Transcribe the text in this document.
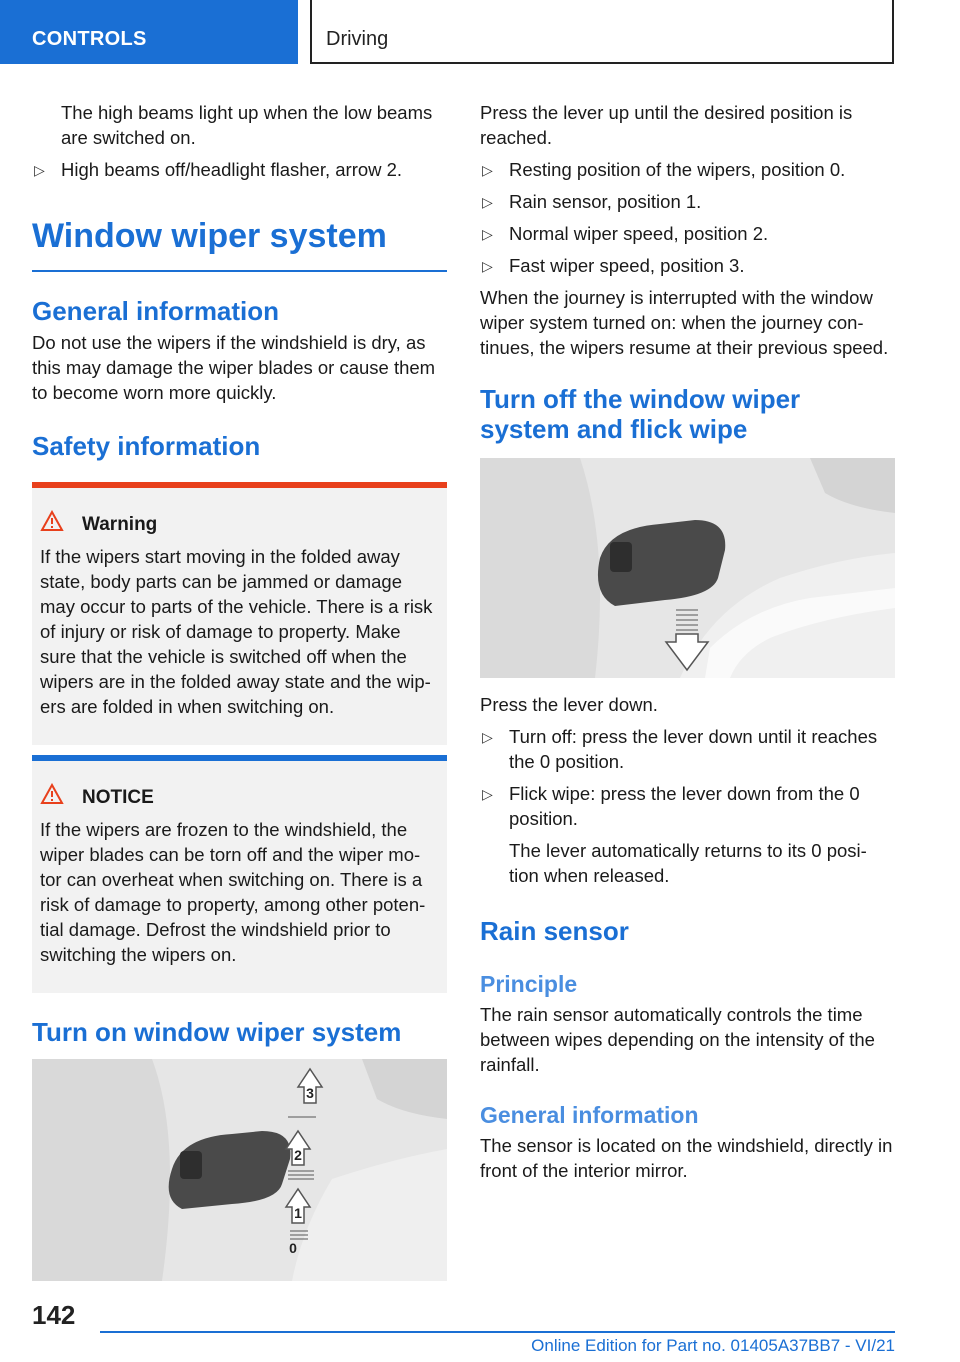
CONTROLS	Driving

The high beams light up when the low beams are switched on.

▷ High beams off/headlight flasher, arrow 2.
Window wiper system
General information

Do not use the wipers if the windshield is dry, as this may damage the wiper blades or cause them to become worn more quickly.

Safety information
Warning

If the wipers start moving in the folded away state, body parts can be jammed or damage may occur to parts of the vehicle. There is a risk of injury or risk of damage to property. Make sure that the vehicle is switched off when the wipers are in the folded away state and the wip‐ers are folded in when switching on.

NOTICE

If the wipers are frozen to the windshield, the wiper blades can be torn off and the wiper mo‐tor can overheat when switching on. There is a risk of damage to property, among other poten‐tial damage. Defrost the windshield prior to switching the wipers on.

Turn on window wiper system
3
2
1
0

Press the lever up until the desired position is reached.

▷ Resting position of the wipers, position 0.
▷ Rain sensor, position 1.
▷ Normal wiper speed, position 2.
▷ Fast wiper speed, position 3.

When the journey is interrupted with the window wiper system turned on: when the journey con‐tinues, the wipers resume at their previous speed.

Turn off the window wiper system and flick wipe

Press the lever down.

▷ Turn off: press the lever down until it reaches the 0 position.
▷ Flick wipe: press the lever down from the 0 position.

The lever automatically returns to its 0 posi‐tion when released.

Rain sensor
Principle

The rain sensor automatically controls the time between wipes depending on the intensity of the rainfall.

General information

The sensor is located on the windshield, directly in front of the interior mirror.

142
Online Edition for Part no. 01405A37BB7 - VI/21
